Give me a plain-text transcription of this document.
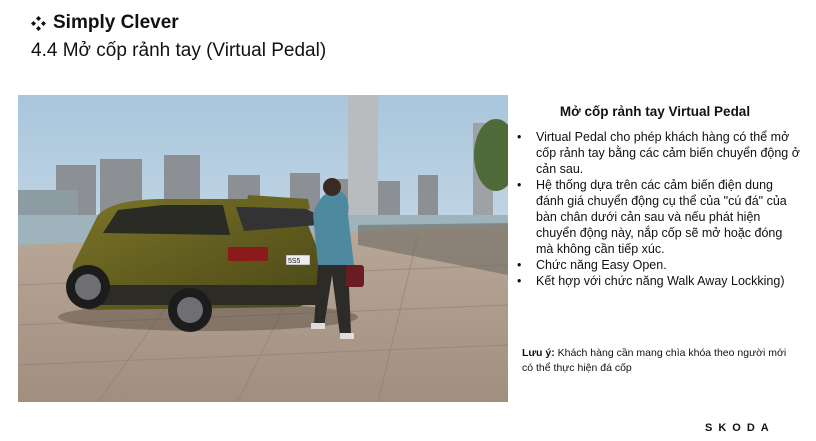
Simply Clever
4.4 Mở cốp rảnh tay (Virtual Pedal)
5S5
Mở cốp rảnh tay Virtual Pedal
• Virtual Pedal cho phép khách hàng có thể mở cốp rảnh tay bằng các cảm biến chuyển động ở cản sau.
• Hệ thống dựa trên các cảm biến điện dung đánh giá chuyển động cụ thể của "cú đá" của bàn chân dưới cản sau và nếu phát hiện chuyển động này, nắp cốp sẽ mở hoặc đóng mà không cần tiếp xúc.
• Chức năng Easy Open.
• Kết hợp với chức năng Walk Away Lockking)
Lưu ý: Khách hàng cần mang chìa khóa theo người mới có thể thực hiện đá cốp
SKODA
